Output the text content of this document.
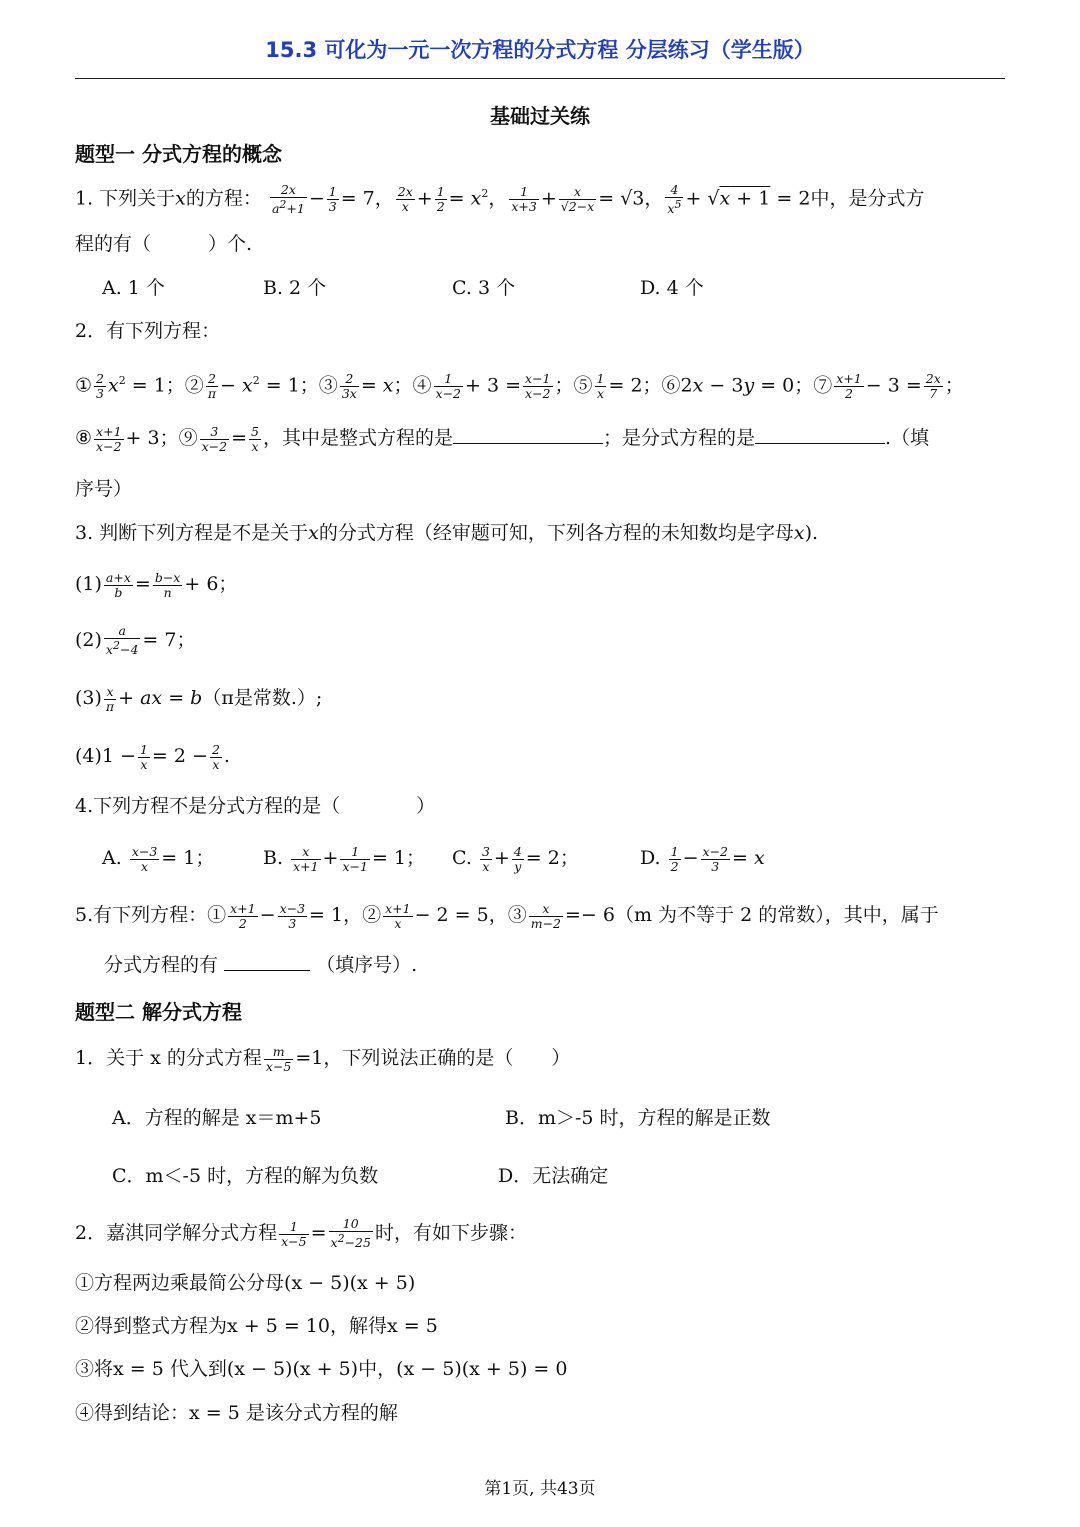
15.3 可化为一元一次方程的分式方程 分层练习（学生版）
基础过关练
题型一 分式方程的概念
1. 下列关于x的方程： $\frac{2x}{a^2+1} - \frac{1}{3} = 7$， $\frac{2x}{x} + \frac{1}{2} = x^2$， $\frac{1}{x+3} + \frac{x}{√2-x} = √3$， $\frac{4}{x^5} + √x + 1 = 2$中，是分式方
程的有（　　　）个.
A. 1 个	B. 2 个	C. 3 个	D. 4 个
2．有下列方程：
① $\frac{2}{3} x^2 = 1$；② $\frac{2}{\pi} - x^2 = 1$；③ $\frac{2}{3x} = x$；④ $\frac{1}{x-2} + 3 = \frac{x-1}{x-2}$ ；⑤ $\frac{1}{x} = 2$；⑥2x − 3y = 0；⑦ $\frac{x+1}{2} - 3 = \frac{2x}{7}$ ；
⑧ $\frac{x+1}{x-2} + 3$；⑨ $\frac{3}{x-2} = \frac{5}{x}$ ，其中是整式方程的是	；是分式方程的是	.（填
序号）
3. 判断下列方程是不是关于x的分式方程（经审题可知，下列各方程的未知数均是字母x).
$(1) \frac{a+x}{b} = \frac{b-x}{n} + 6$；
$(2) \frac{a}{x^2-4} = 7$；
$(3) \frac{x}{\pi}$ + ax = b（π是常数.）;
$(4)1 - \frac{1}{x} = 2 - \frac{2}{x}$ .
4.下列方程不是分式方程的是（　　　　）
A. $\frac{x-3}{x} = 1$；	B. $\frac{x}{x+1} + \frac{1}{x-1} = 1$； C. $\frac{3}{x} + \frac{4}{y} = 2$；	D. $\frac{1}{2} - \frac{x-2}{3} = x$
5.有下列方程：① $\frac{x+1}{2} - \frac{x-3}{3} = 1$，② $\frac{x+1}{x} - 2 = 5$，③ $\frac{x}{m-2} =- 6(m$ 为不等于 2 的常数），其中，属于
分式方程的有	（填序号）.
题型二 解分式方程
1．关于 x 的分式方程 $\frac{m}{x-5} =1$，下列说法正确的是（　　）
A．方程的解是 x＝m+5	B．m＞-5 时，方程的解是正数
C．m＜-5 时，方程的解为负数	D．无法确定
2．嘉淇同学解分式方程 $\frac{1}{x-5} = \frac{10}{x^2-25}$ 时，有如下步骤：
①方程两边乘最简公分母(x − 5)(x + 5)
②得到整式方程为x + 5 = 10，解得x = 5
③将x = 5 代入到(x − 5)(x + 5)中，(x − 5)(x + 5) = 0
④得到结论：x = 5 是该分式方程的解
第1页, 共43页
